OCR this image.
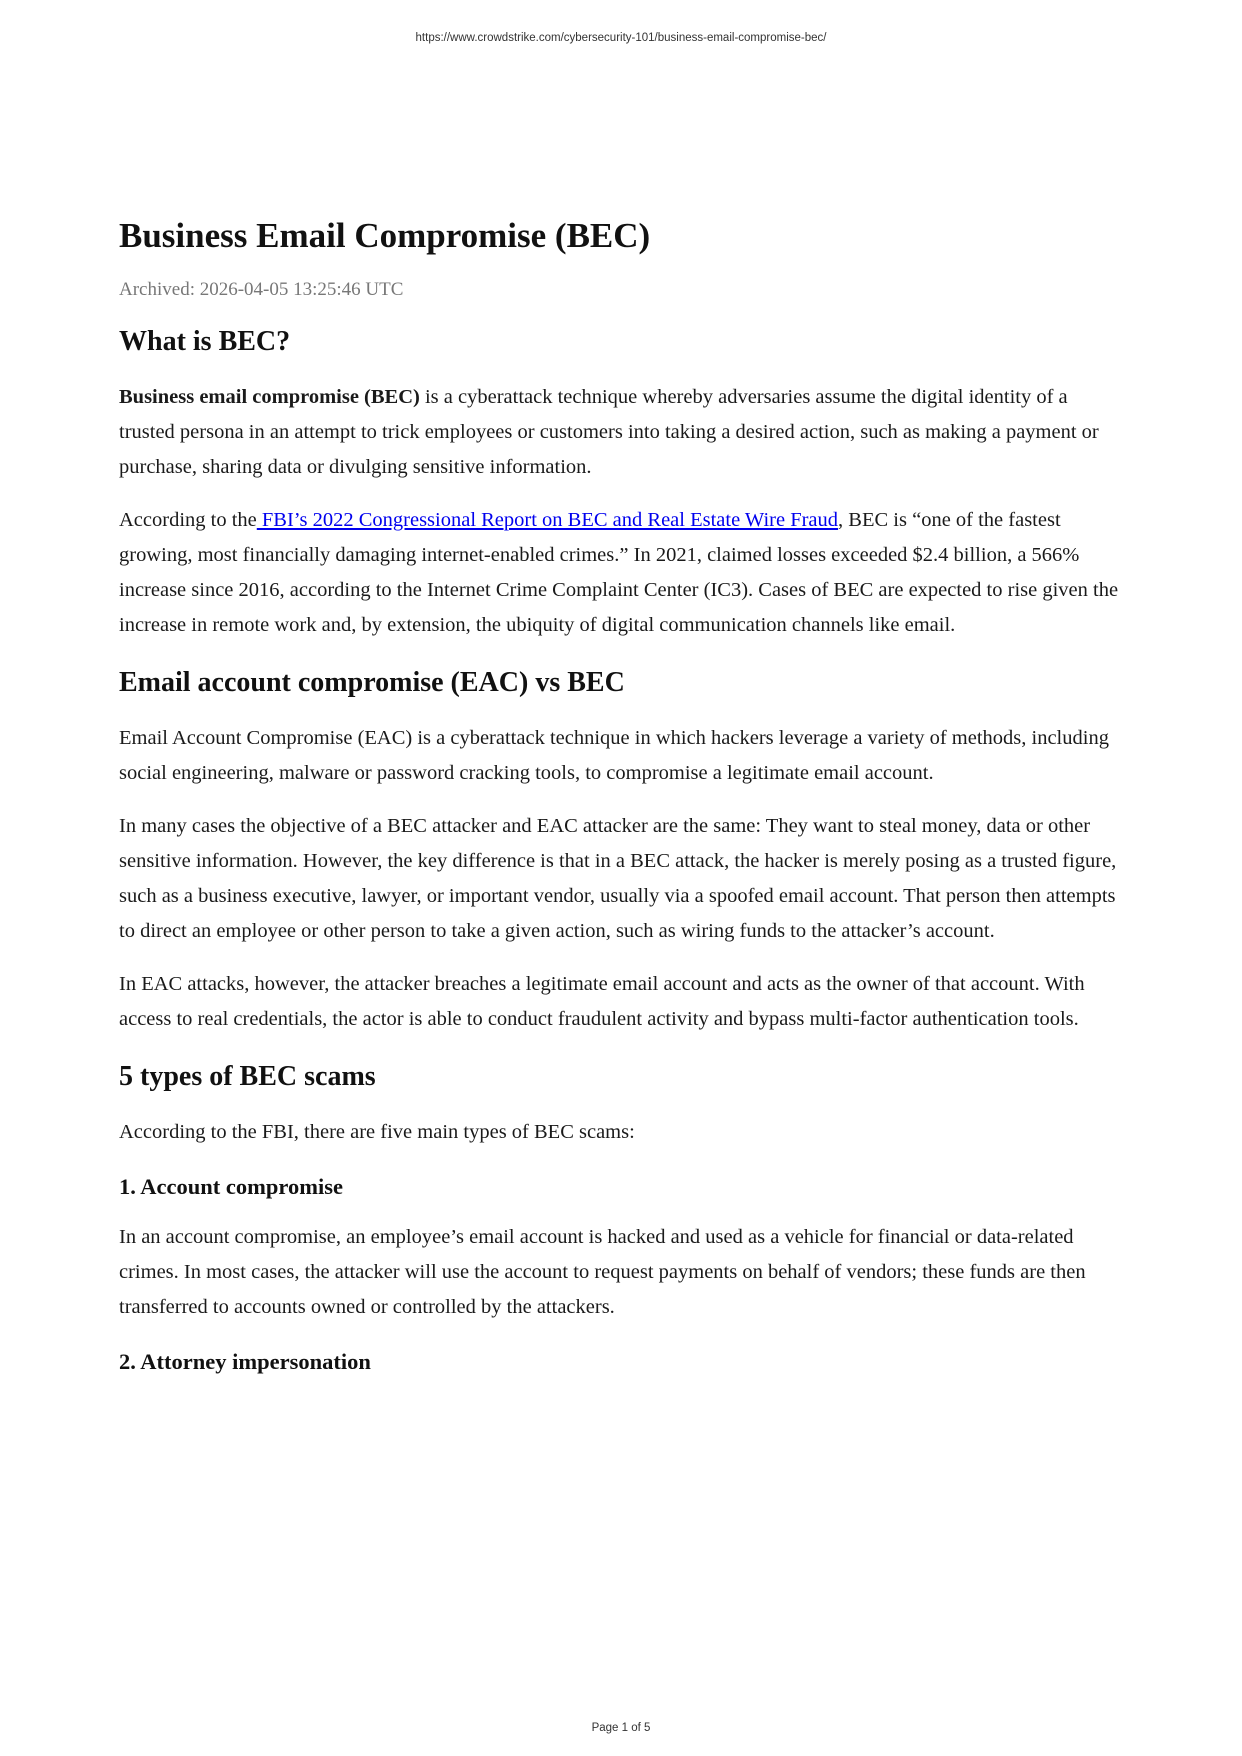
https://www.crowdstrike.com/cybersecurity-101/business-email-compromise-bec/
Business Email Compromise (BEC)
Archived: 2026-04-05 13:25:46 UTC
What is BEC?

Business email compromise (BEC) is a cyberattack technique whereby adversaries assume the digital identity of a trusted persona in an attempt to trick employees or customers into taking a desired action, such as making a payment or purchase, sharing data or divulging sensitive information.

According to the FBI’s 2022 Congressional Report on BEC and Real Estate Wire Fraud, BEC is “one of the fastest growing, most financially damaging internet-enabled crimes.” In 2021, claimed losses exceeded $2.4 billion, a 566% increase since 2016, according to the Internet Crime Complaint Center (IC3). Cases of BEC are expected to rise given the increase in remote work and, by extension, the ubiquity of digital communication channels like email.

Email account compromise (EAC) vs BEC

Email Account Compromise (EAC) is a cyberattack technique in which hackers leverage a variety of methods, including social engineering, malware or password cracking tools, to compromise a legitimate email account.

In many cases the objective of a BEC attacker and EAC attacker are the same: They want to steal money, data or other sensitive information. However, the key difference is that in a BEC attack, the hacker is merely posing as a trusted figure, such as a business executive, lawyer, or important vendor, usually via a spoofed email account. That person then attempts to direct an employee or other person to take a given action, such as wiring funds to the attacker’s account.

In EAC attacks, however, the attacker breaches a legitimate email account and acts as the owner of that account. With access to real credentials, the actor is able to conduct fraudulent activity and bypass multi-factor authentication tools.

5 types of BEC scams

According to the FBI, there are five main types of BEC scams:

1. Account compromise

In an account compromise, an employee’s email account is hacked and used as a vehicle for financial or data-related crimes. In most cases, the attacker will use the account to request payments on behalf of vendors; these funds are then transferred to accounts owned or controlled by the attackers.

2. Attorney impersonation
Page 1 of 5
